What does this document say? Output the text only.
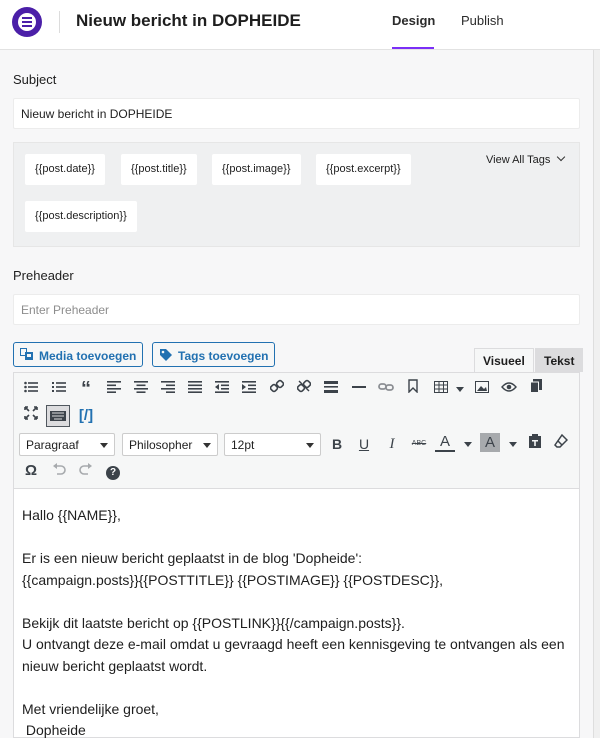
Nieuw bericht in DOPHEIDE	Design Publish
Subject
Nieuw bericht in DOPHEIDE
{{post.date}}	{{post.title}}	{{post.image}}	{{post.excerpt}}
{{post.description}}
View All Tags
Preheader
Enter Preheader
Media toevoegen	Tags toevoegen	Visueel	Tekst
“
[/]
Paragraaf	Philosopher	12pt	B	U	I	ABC A	A
Ω	?

Hallo {{NAME}},

Er is een nieuw bericht geplaatst in de blog 'Dopheide':

{{campaign.posts}}{{POSTTITLE}} {{POSTIMAGE}} {{POSTDESC}},

Bekijk dit laatste bericht op {{POSTLINK}}{{/campaign.posts}}.

U ontvangt deze e-mail omdat u gevraagd heeft een kennisgeving te ontvangen als een nieuw bericht geplaatst wordt.

Met vriendelijke groet,

Dopheide
